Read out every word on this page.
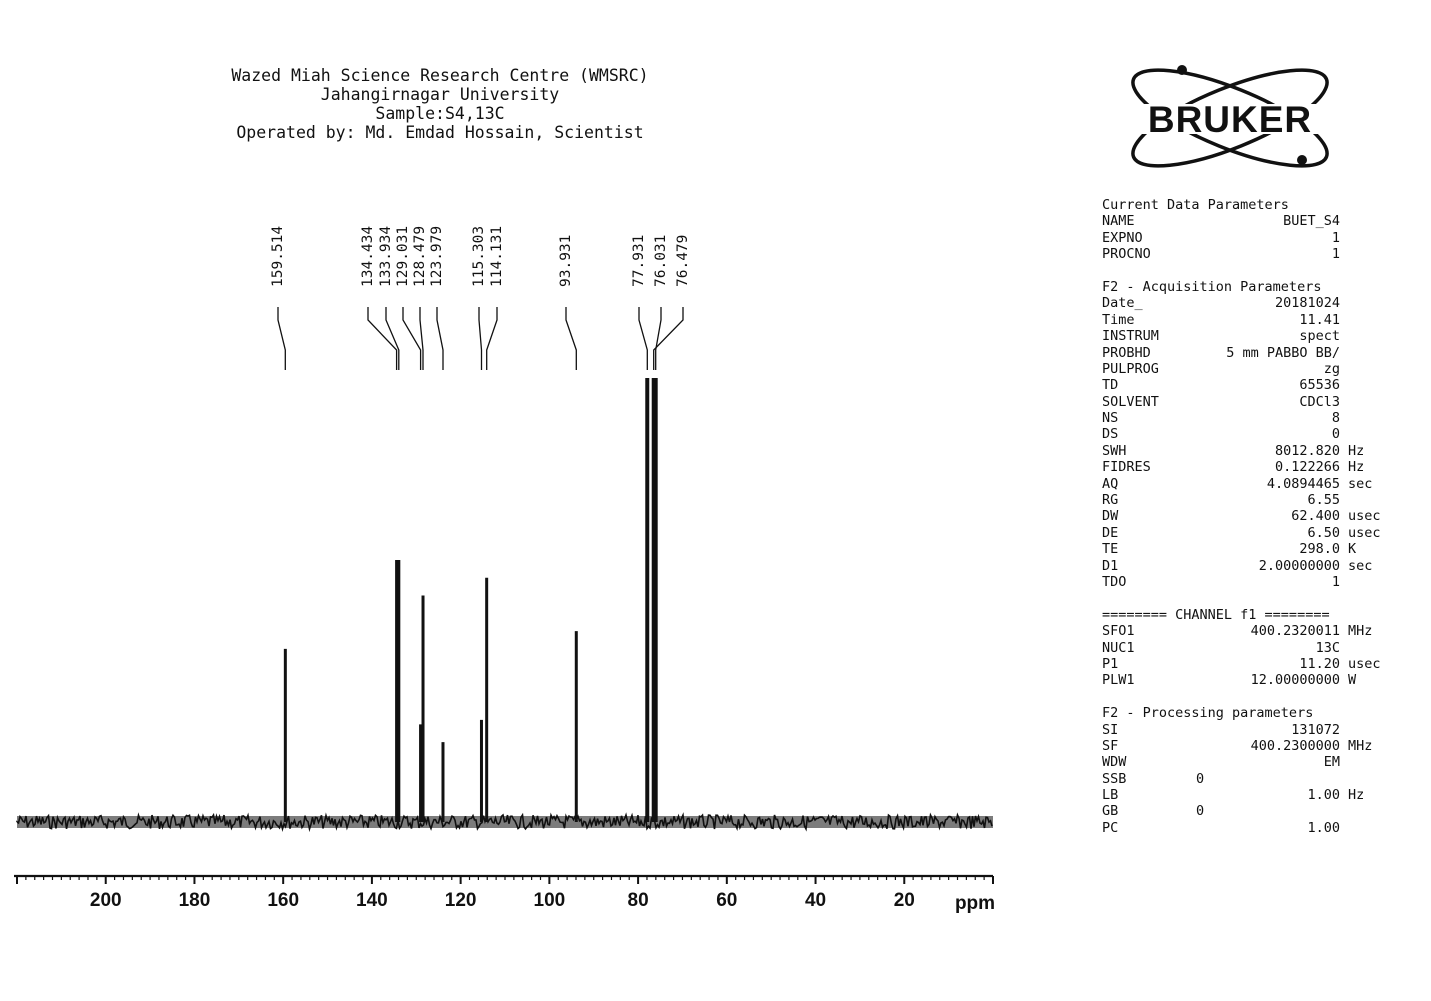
Wazed Miah Science Research Centre (WMSRC)
Jahangirnagar University
Sample:S4,13C
Operated by: Md. Emdad Hossain, Scientist
159.514	134.434 133.934 129.031 128.479 123.979 115.303 114.131	93.931	77.931 76.031 76.479
200	180	160	140	120	100	80	60	40	20 ppm
BRUKER
Current Data Parameters
NAME	BUET_S4
EXPNO	1
PROCNO	1
F2 - Acquisition Parameters
Date_	20181024
Time	11.41
INSTRUM	spect
PROBHD	5 mm PABBO BB/
PULPROG	zg
TD	65536
SOLVENT	CDCl3
NS	8
DS	0
SWH	8012.820 Hz
FIDRES	0.122266 Hz
AQ	4.0894465 sec
RG	6.55
DW	62.400 usec
DE	6.50 usec
TE	298.0 K
D1	2.00000000 sec
TDO	1
======== CHANNEL f1 ========
SFO1	400.2320011 MHz
NUC1	13C
P1	11.20 usec
PLW1	12.00000000 W
F2 - Processing parameters
SI	131072
SF	400.2300000 MHz
WDW	EM
SSB	0
LB	1.00 Hz
GB	0
PC	1.00
